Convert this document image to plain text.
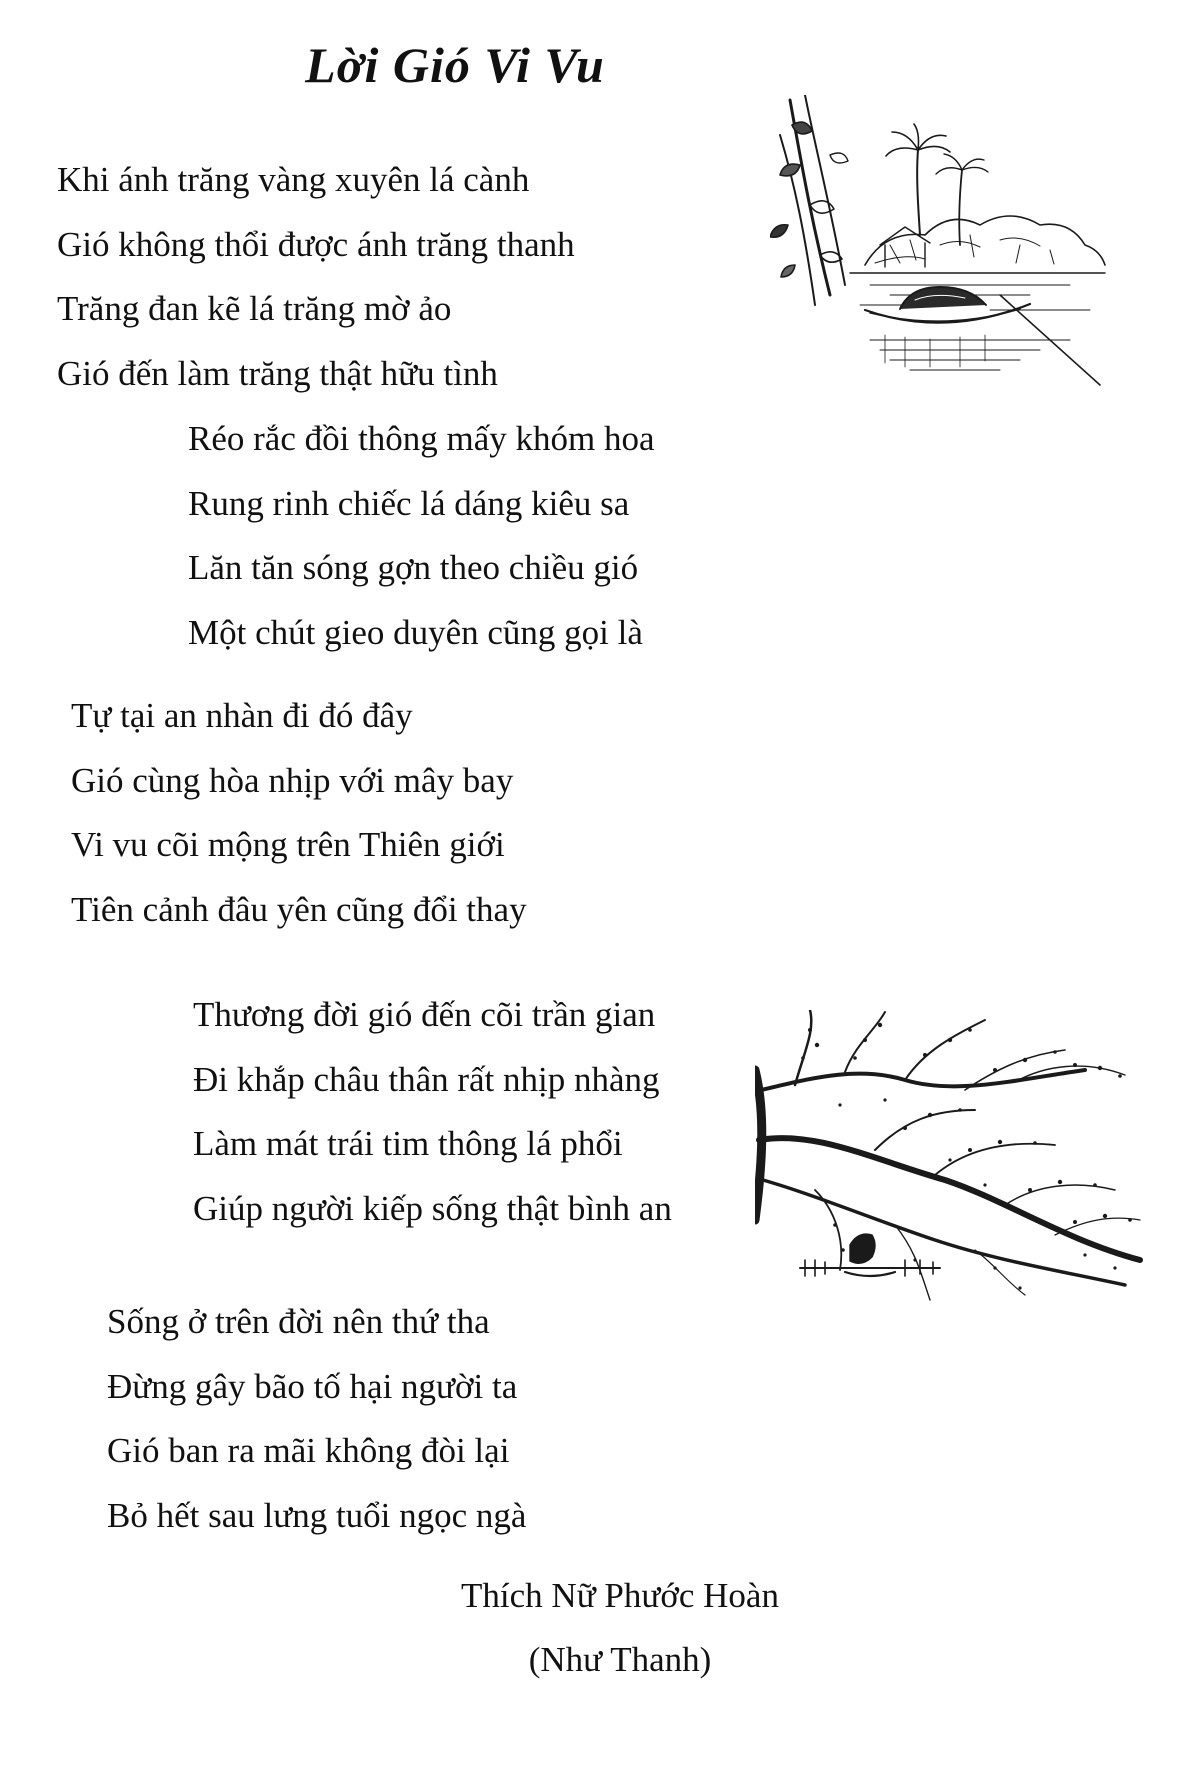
Lời Gió Vi Vu
Khi ánh trăng vàng xuyên lá cành
Gió không thổi được ánh trăng thanh
Trăng đan kẽ lá trăng mờ ảo
Gió đến làm trăng thật hữu tình
Réo rắc đồi thông mấy khóm hoa
Rung rinh chiếc lá dáng kiêu sa
Lăn tăn sóng gợn theo chiều gió
Một chút gieo duyên cũng gọi là
Tự tại an nhàn đi đó đây
Gió cùng hòa nhịp với mây bay
Vi vu cõi mộng trên Thiên giới
Tiên cảnh đâu yên cũng đổi thay
Thương đời gió đến cõi trần gian
Đi khắp châu thân rất nhịp nhàng
Làm mát trái tim thông lá phổi
Giúp người kiếp sống thật bình an
Sống ở trên đời nên thứ tha
Đừng gây bão tố hại người ta
Gió ban ra mãi không đòi lại
Bỏ hết sau lưng tuổi ngọc ngà
Thích Nữ Phước Hoàn
(Như Thanh)
